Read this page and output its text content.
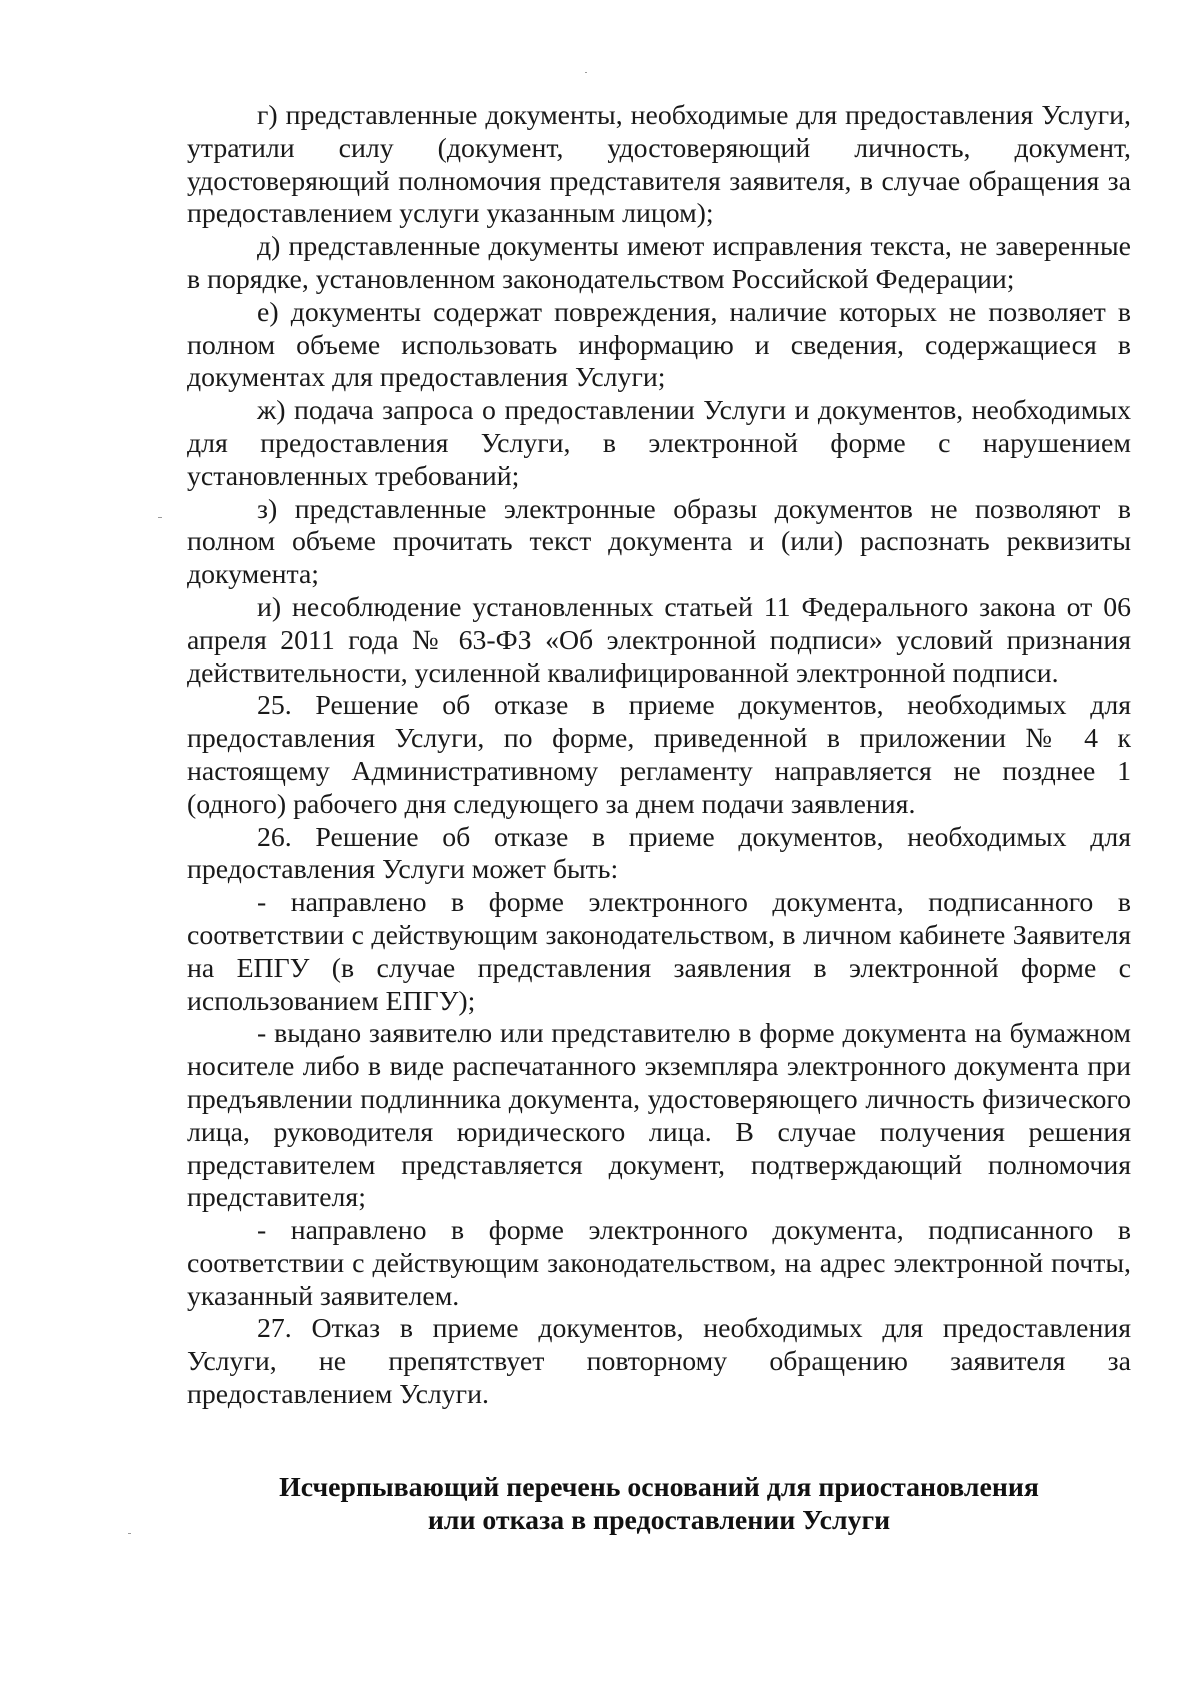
г) представленные документы, необходимые для предоставления Услуги, утратили силу (документ, удостоверяющий личность, документ, удостоверяющий полномочия представителя заявителя, в случае обращения за предоставлением услуги указанным лицом);

д) представленные документы имеют исправления текста, не заверенные в порядке, установленном законодательством Российской Федерации;

е) документы содержат повреждения, наличие которых не позволяет в полном объеме использовать информацию и сведения, содержащиеся в документах для предоставления Услуги;

ж) подача запроса о предоставлении Услуги и документов, необходимых для предоставления Услуги, в электронной форме с нарушением установленных требований;

з) представленные электронные образы документов не позволяют в полном объеме прочитать текст документа и (или) распознать реквизиты документа;

и) несоблюдение установленных статьей 11 Федерального закона от 06 апреля 2011 года № 63-ФЗ «Об электронной подписи» условий признания действительности, усиленной квалифицированной электронной подписи.

25. Решение об отказе в приеме документов, необходимых для предоставления Услуги, по форме, приведенной в приложении № 4 к настоящему Административному регламенту направляется не позднее 1 (одного) рабочего дня следующего за днем подачи заявления.

26. Решение об отказе в приеме документов, необходимых для предоставления Услуги может быть:

- направлено в форме электронного документа, подписанного в соответствии с действующим законодательством, в личном кабинете Заявителя на ЕПГУ (в случае представления заявления в электронной форме с использованием ЕПГУ);

- выдано заявителю или представителю в форме документа на бумажном носителе либо в виде распечатанного экземпляра электронного документа при предъявлении подлинника документа, удостоверяющего личность физического лица, руководителя юридического лица. В случае получения решения представителем представляется документ, подтверждающий полномочия представителя;

- направлено в форме электронного документа, подписанного в соответствии с действующим законодательством, на адрес электронной почты, указанный заявителем.

27. Отказ в приеме документов, необходимых для предоставления Услуги, не препятствует повторному обращению заявителя за предоставлением Услуги.

Исчерпывающий перечень оснований для приостановления
или отказа в предоставлении Услуги
